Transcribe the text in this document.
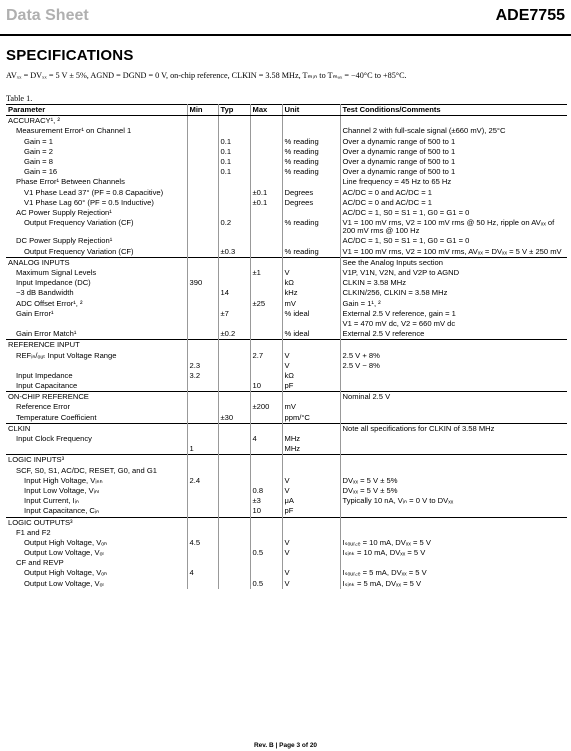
Data Sheet	ADE7755
SPECIFICATIONS
AVₓₓ = DVₓₓ = 5 V ± 5%, AGND = DGND = 0 V, on-chip reference, CLKIN = 3.58 MHz, Tₘᵢₙ to Tₘₐₓ = −40°C to +85°C.
Table 1.
Parameter	Min	Typ	Max	Unit	Test Conditions/Comments
ACCURACY¹, ²					
Measurement Error¹ on Channel 1					Channel 2 with full-scale signal (±660 mV), 25°C
Gain = 1		0.1		% reading	Over a dynamic range of 500 to 1
Gain = 2		0.1		% reading	Over a dynamic range of 500 to 1
Gain = 8		0.1		% reading	Over a dynamic range of 500 to 1
Gain = 16		0.1		% reading	Over a dynamic range of 500 to 1
Phase Error¹ Between Channels					Line frequency = 45 Hz to 65 Hz
V1 Phase Lead 37° (PF = 0.8 Capacitive)			±0.1	Degrees	AC/DC = 0 and AC/DC = 1
V1 Phase Lag 60° (PF = 0.5 Inductive)			±0.1	Degrees	AC/DC = 0 and AC/DC = 1
AC Power Supply Rejection¹					AC/DC = 1, S0 = S1 = 1, G0 = G1 = 0
Output Frequency Variation (CF)		0.2		% reading	V1 = 100 mV rms, V2 = 100 mV rms @ 50 Hz, ripple on AVₓₓ of 200 mV rms @ 100 Hz
DC Power Supply Rejection¹					AC/DC = 1, S0 = S1 = 1, G0 = G1 = 0
Output Frequency Variation (CF)		±0.3		% reading	V1 = 100 mV rms, V2 = 100 mV rms, AVₓₓ = DVₓₓ = 5 V ± 250 mV
ANALOG INPUTS					See the Analog Inputs section
Maximum Signal Levels			±1	V	V1P, V1N, V2N, and V2P to AGND
Input Impedance (DC)	390			kΩ	CLKIN = 3.58 MHz
−3 dB Bandwidth		14		kHz	CLKIN/256, CLKIN = 3.58 MHz
ADC Offset Error¹, ²			±25	mV	Gain = 1¹, ²
Gain Error¹		±7		% ideal	External 2.5 V reference, gain = 1
					V1 = 470 mV dc, V2 = 660 mV dc
Gain Error Match¹		±0.2		% ideal	External 2.5 V reference
REFERENCE INPUT					
REFᵢₙ/ₒᵤₜ Input Voltage Range			2.7	V	2.5 V + 8%
	2.3			V	2.5 V − 8%
Input Impedance	3.2			kΩ	
Input Capacitance			10	pF	
ON-CHIP REFERENCE					Nominal 2.5 V
Reference Error			±200	mV	
Temperature Coefficient		±30		ppm/°C	
CLKIN					Note all specifications for CLKIN of 3.58 MHz
Input Clock Frequency			4	MHz	
	1			MHz	
LOGIC INPUTS³					
SCF, S0, S1, AC/DC, RESET, G0, and G1					
Input High Voltage, Vᵢₙₕ	2.4			V	DVₓₓ = 5 V ± 5%
Input Low Voltage, Vᵢₙₗ			0.8	V	DVₓₓ = 5 V ± 5%
Input Current, Iᵢₙ			±3	μA	Typically 10 nA, Vᵢₙ = 0 V to DVₓₓ
Input Capacitance, Cᵢₙ			10	pF	
LOGIC OUTPUTS³					
F1 and F2					
Output High Voltage, Vₒₕ	4.5			V	Iₛₒᵤᵣ꜀ₑ = 10 mA, DVₓₓ = 5 V
Output Low Voltage, Vₒₗ			0.5	V	Iₛᵢₙₖ = 10 mA, DVₓₓ = 5 V
CF and REVP					
Output High Voltage, Vₒₕ	4			V	Iₛₒᵤᵣ꜀ₑ = 5 mA, DVₓₓ = 5 V
Output Low Voltage, Vₒₗ			0.5	V	Iₛᵢₙₖ = 5 mA, DVₓₓ = 5 V
Rev. B | Page 3 of 20
